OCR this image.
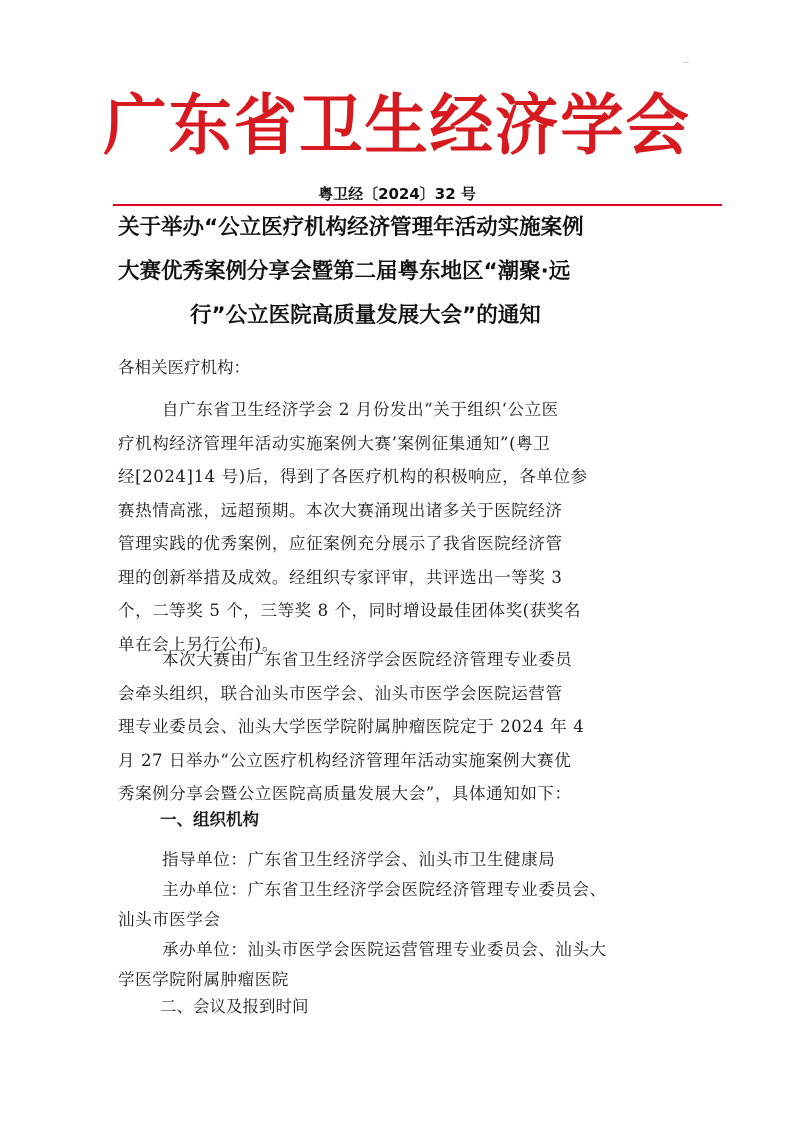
广东省卫生经济学会
粤卫经〔2024〕32 号
关于举办“公立医疗机构经济管理年活动实施案例
大赛优秀案例分享会暨第二届粤东地区“潮聚·远
行”公立医院高质量发展大会”的通知
各相关医疗机构：
自广东省卫生经济学会 2 月份发出“关于组织‘公立医
疗机构经济管理年活动实施案例大赛’案例征集通知”(粤卫
经[2024]14 号)后，得到了各医疗机构的积极响应，各单位参
赛热情高涨，远超预期。本次大赛涌现出诸多关于医院经济
管理实践的优秀案例，应征案例充分展示了我省医院经济管
理的创新举措及成效。经组织专家评审，共评选出一等奖 3
个，二等奖 5 个，三等奖 8 个，同时增设最佳团体奖(获奖名
单在会上另行公布)。
本次大赛由广东省卫生经济学会医院经济管理专业委员
会牵头组织，联合汕头市医学会、汕头市医学会医院运营管
理专业委员会、汕头大学医学院附属肿瘤医院定于 2024 年 4
月 27 日举办“公立医疗机构经济管理年活动实施案例大赛优
秀案例分享会暨公立医院高质量发展大会”，具体通知如下：
一、组织机构
指导单位：广东省卫生经济学会、汕头市卫生健康局
主办单位：广东省卫生经济学会医院经济管理专业委员会、
汕头市医学会
承办单位：汕头市医学会医院运营管理专业委员会、汕头大
学医学院附属肿瘤医院
二、会议及报到时间
